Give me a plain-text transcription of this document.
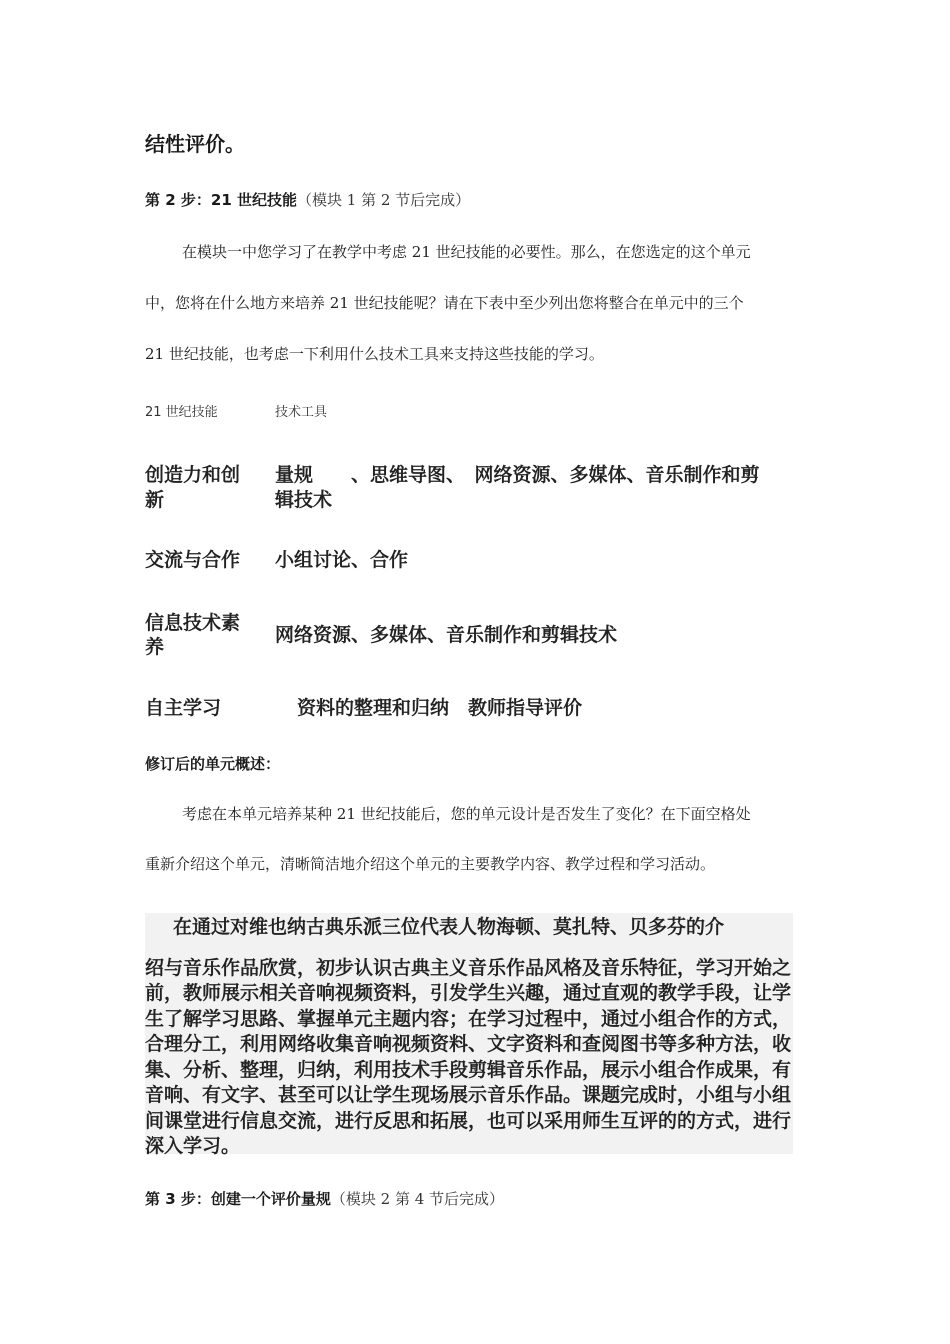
结性评价。
第 2 步：21 世纪技能（模块 1 第 2 节后完成）
在模块一中您学习了在教学中考虑 21 世纪技能的必要性。那么，在您选定的这个单元
中，您将在什么地方来培养 21 世纪技能呢？请在下表中至少列出您将整合在单元中的三个
21 世纪技能，也考虑一下利用什么技术工具来支持这些技能的学习。
21 世纪技能	技术工具
创造力和创
新
量规　　、思维导图、　网络资源、多媒体、音乐制作和剪
辑技术
交流与合作 小组讨论、合作
信息技术素
养
网络资源、多媒体、音乐制作和剪辑技术
自主学习	资料的整理和归纳　教师指导评价
修订后的单元概述：
考虑在本单元培养某种 21 世纪技能后，您的单元设计是否发生了变化？在下面空格处
重新介绍这个单元，清晰简洁地介绍这个单元的主要教学内容、教学过程和学习活动。
在通过对维也纳古典乐派三位代表人物海顿、莫扎特、贝多芬的介
绍与音乐作品欣赏，初步认识古典主义音乐作品风格及音乐特征，学习开始之前，教师展示相关音响视频资料，引发学生兴趣，通过直观的教学手段，让学生了解学习思路、掌握单元主题内容；在学习过程中，通过小组合作的方式，合理分工，利用网络收集音响视频资料、文字资料和查阅图书等多种方法，收集、分析、整理，归纳，利用技术手段剪辑音乐作品，展示小组合作成果，有音响、有文字、甚至可以让学生现场展示音乐作品。课题完成时，小组与小组间课堂进行信息交流，进行反思和拓展，也可以采用师生互评的的方式，进行深入学习。
第 3 步：创建一个评价量规（模块 2 第 4 节后完成）
